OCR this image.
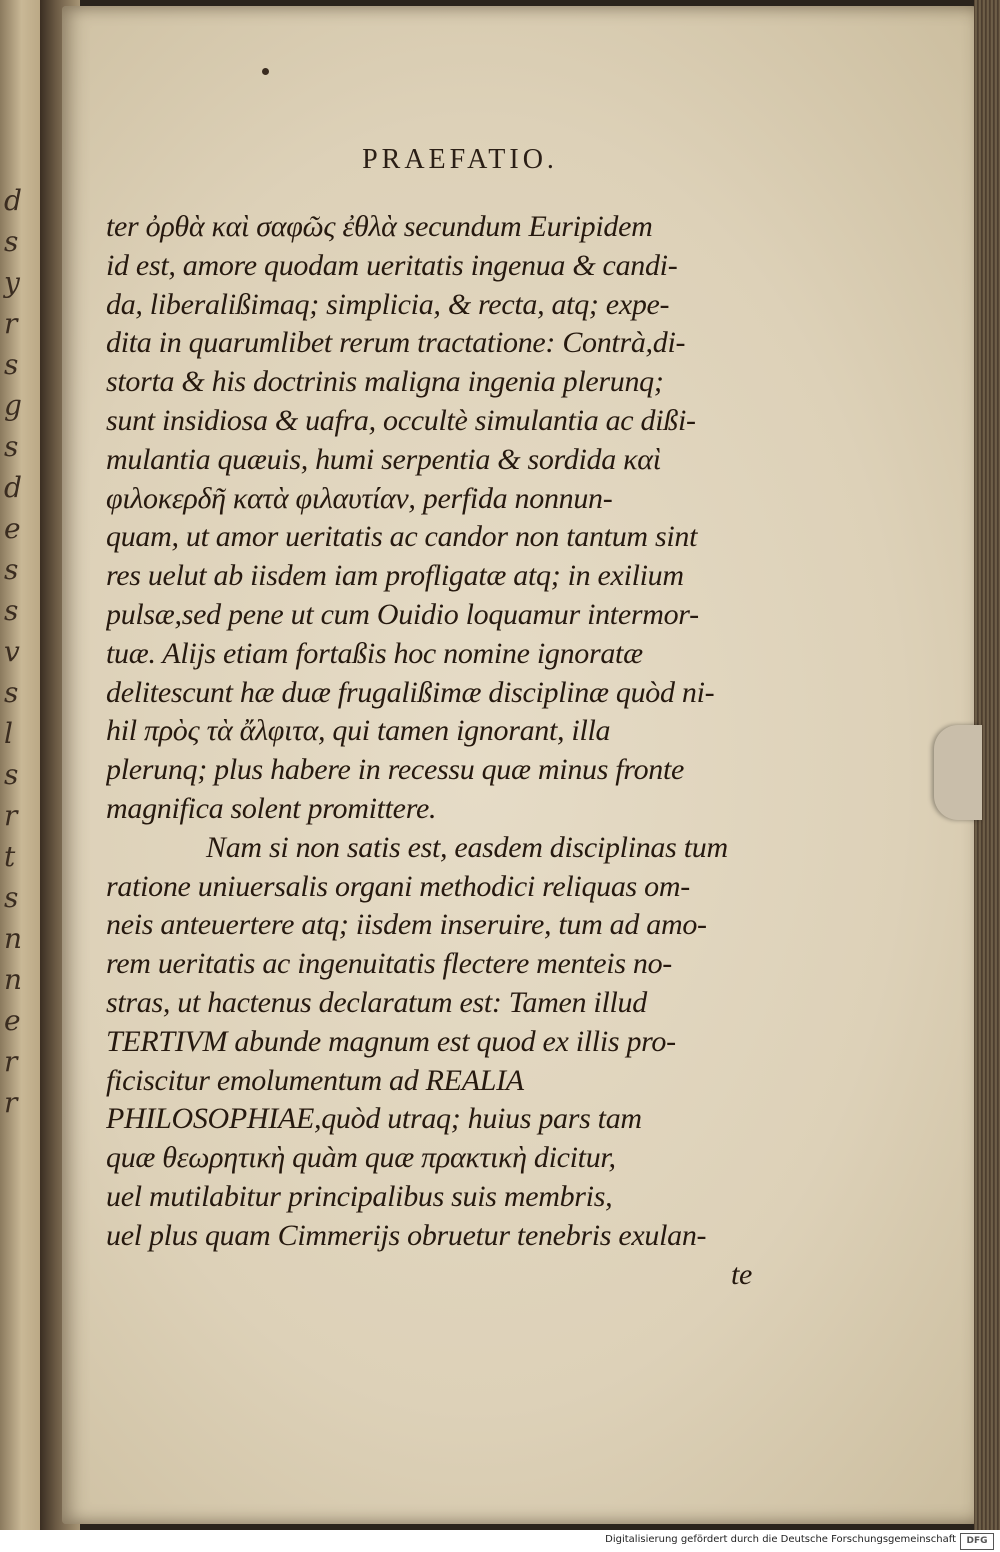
d
s
y
r
s
g
s
d
e
s
s
v
s
l
s
r
t
s
n
n
e
r
r
PRAEFATIO.
ter ὀρθὰ καὶ σαφῶς ἐθλὰ secundum Euripidem
id est, amore quodam ueritatis ingenua & candi-
da, liberalißimaq; simplicia, & recta, atq; expe-
dita in quarumlibet rerum tractatione: Contrà,di-
storta & his doctrinis maligna ingenia plerunq;
sunt insidiosa & uafra, occultè simulantia ac dißi-
mulantia quæuis, humi serpentia & sordida καὶ
φιλοκερδῆ κατὰ φιλαυτίαν, perfida nonnun-
quam, ut amor ueritatis ac candor non tantum sint
res uelut ab iisdem iam profligatæ atq; in exilium
pulsæ,sed pene ut cum Ouidio loquamur intermor-
tuæ. Alijs etiam fortaßis hoc nomine ignoratæ
delitescunt hæ duæ frugalißimæ disciplinæ quòd ni-
hil πρὸς τὰ ἄλφιτα, qui tamen ignorant, illa
plerunq; plus habere in recessu quæ minus fronte
magnifica solent promittere.
Nam si non satis est, easdem disciplinas tum
ratione uniuersalis organi methodici reliquas om-
neis anteuertere atq; iisdem inseruire, tum ad amo-
rem ueritatis ac ingenuitatis flectere menteis no-
stras, ut hactenus declaratum est: Tamen illud
TERTIVM abunde magnum est quod ex illis pro-
ficiscitur emolumentum ad REALIA
PHILOSOPHIAE,quòd utraq; huius pars tam
quæ θεωρητικὴ quàm quæ πρακτικὴ dicitur,
uel mutilabitur principalibus suis membris,
uel plus quam Cimmerijs obruetur tenebris exulan-
te
Digitalisierung gefördert durch die Deutsche Forschungsgemeinschaft	DFG
